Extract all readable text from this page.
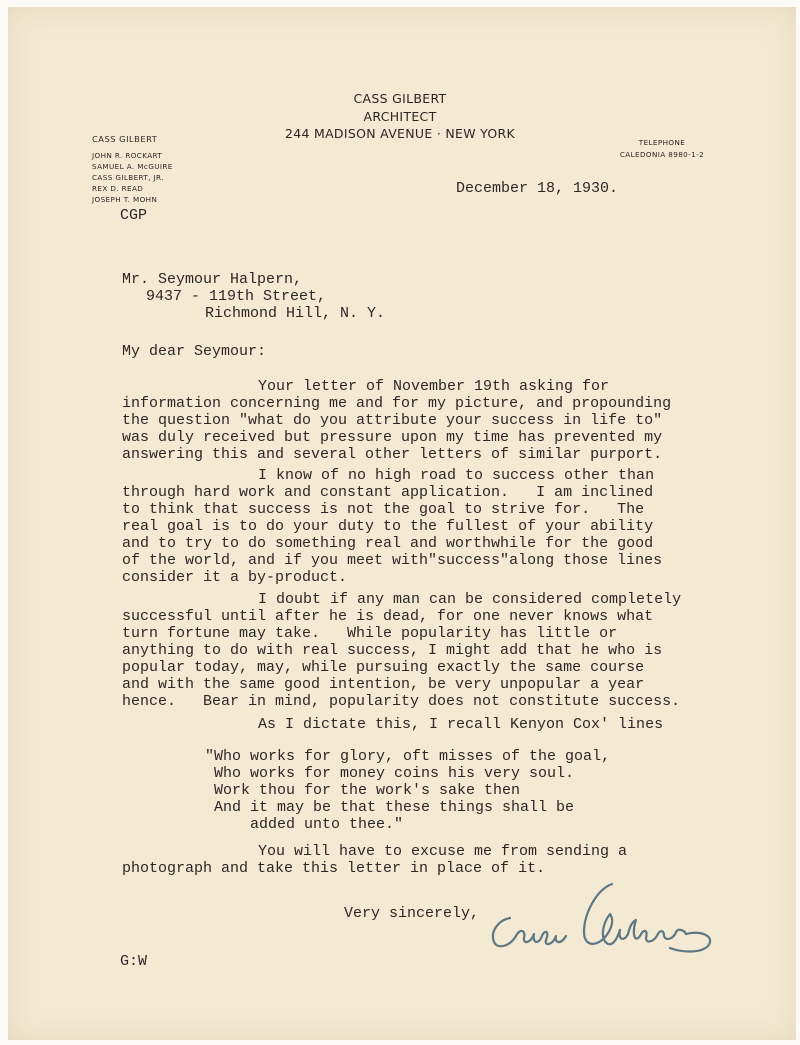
CASS GILBERT
ARCHITECT
244 MADISON AVENUE · NEW YORK
CASS GILBERT
JOHN R. ROCKART
SAMUEL A. McGUIRE
CASS GILBERT, JR.
REX D. READ
JOSEPH T. MOHN
TELEPHONE
CALEDONIA 8980-1-2
CGP
December 18, 1930.
Mr. Seymour Halpern,
9437 - 119th Street,
Richmond Hill, N. Y.
My dear Seymour:
Your letter of November 19th asking for
information concerning me and for my picture, and propounding
the question "what do you attribute your success in life to"
was duly received but pressure upon my time has prevented my
answering this and several other letters of similar purport.
I know of no high road to success other than
through hard work and constant application.   I am inclined
to think that success is not the goal to strive for.   The
real goal is to do your duty to the fullest of your ability
and to try to do something real and worthwhile for the good
of the world, and if you meet with"success"along those lines
consider it a by-product.
I doubt if any man can be considered completely
successful until after he is dead, for one never knows what
turn fortune may take.   While popularity has little or
anything to do with real success, I might add that he who is
popular today, may, while pursuing exactly the same course
and with the same good intention, be very unpopular a year
hence.   Bear in mind, popularity does not constitute success.
As I dictate this, I recall Kenyon Cox' lines
"Who works for glory, oft misses of the goal,
Who works for money coins his very soul.
Work thou for the work's sake then
And it may be that these things shall be
added unto thee."
You will have to excuse me from sending a
photograph and take this letter in place of it.
Very sincerely,
G:W
